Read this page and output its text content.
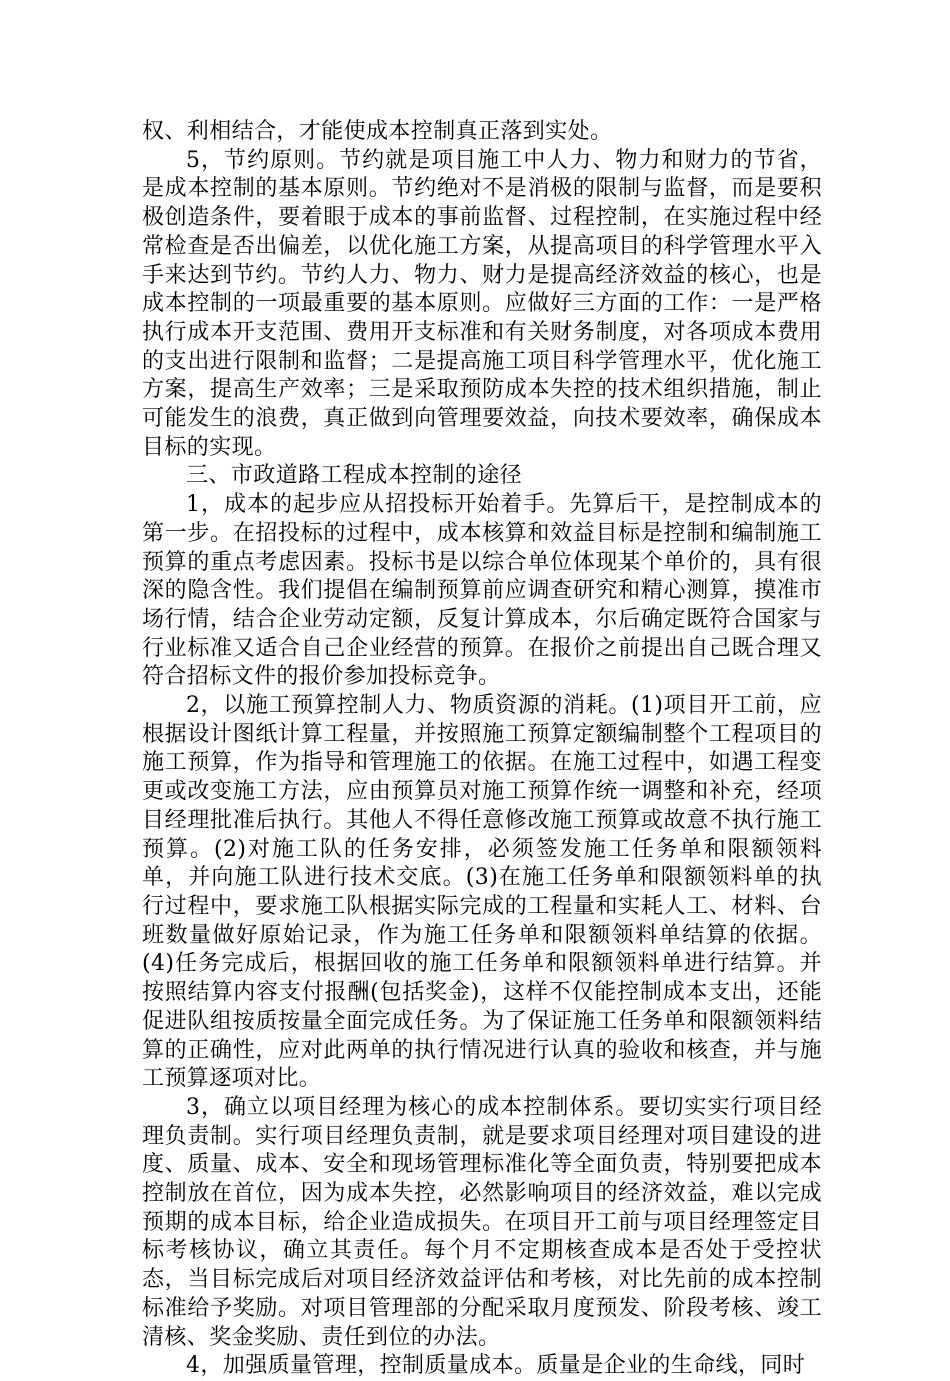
权、利相结合，才能使成本控制真正落到实处。

5，节约原则。节约就是项目施工中人力、物力和财力的节省，是成本控制的基本原则。节约绝对不是消极的限制与监督，而是要积极创造条件，要着眼于成本的事前监督、过程控制，在实施过程中经常检查是否出偏差，以优化施工方案，从提高项目的科学管理水平入手来达到节约。节约人力、物力、财力是提高经济效益的核心，也是成本控制的一项最重要的基本原则。应做好三方面的工作：一是严格执行成本开支范围、费用开支标准和有关财务制度，对各项成本费用的支出进行限制和监督；二是提高施工项目科学管理水平，优化施工方案，提高生产效率；三是采取预防成本失控的技术组织措施，制止可能发生的浪费，真正做到向管理要效益，向技术要效率，确保成本目标的实现。

三、市政道路工程成本控制的途径

1，成本的起步应从招投标开始着手。先算后干，是控制成本的第一步。在招投标的过程中，成本核算和效益目标是控制和编制施工预算的重点考虑因素。投标书是以综合单位体现某个单价的，具有很深的隐含性。我们提倡在编制预算前应调查研究和精心测算，摸准市场行情，结合企业劳动定额，反复计算成本，尔后确定既符合国家与行业标准又适合自己企业经营的预算。在报价之前提出自己既合理又符合招标文件的报价参加投标竞争。

2，以施工预算控制人力、物质资源的消耗。(1)项目开工前，应根据设计图纸计算工程量，并按照施工预算定额编制整个工程项目的施工预算，作为指导和管理施工的依据。在施工过程中，如遇工程变更或改变施工方法，应由预算员对施工预算作统一调整和补充，经项目经理批准后执行。其他人不得任意修改施工预算或故意不执行施工预算。(2)对施工队的任务安排，必须签发施工任务单和限额领料单，并向施工队进行技术交底。(3)在施工任务单和限额领料单的执行过程中，要求施工队根据实际完成的工程量和实耗人工、材料、台班数量做好原始记录，作为施工任务单和限额领料单结算的依据。(4)任务完成后，根据回收的施工任务单和限额领料单进行结算。并按照结算内容支付报酬(包括奖金)，这样不仅能控制成本支出，还能促进队组按质按量全面完成任务。为了保证施工任务单和限额领料结算的正确性，应对此两单的执行情况进行认真的验收和核查，并与施工预算逐项对比。

3，确立以项目经理为核心的成本控制体系。要切实实行项目经理负责制。实行项目经理负责制，就是要求项目经理对项目建设的进度、质量、成本、安全和现场管理标准化等全面负责，特别要把成本控制放在首位，因为成本失控，必然影响项目的经济效益，难以完成预期的成本目标，给企业造成损失。在项目开工前与项目经理签定目标考核协议，确立其责任。每个月不定期核查成本是否处于受控状态，当目标完成后对项目经济效益评估和考核，对比先前的成本控制标准给予奖励。对项目管理部的分配采取月度预发、阶段考核、竣工清核、奖金奖励、责任到位的办法。

4，加强质量管理，控制质量成本。质量是企业的生命线，同时
